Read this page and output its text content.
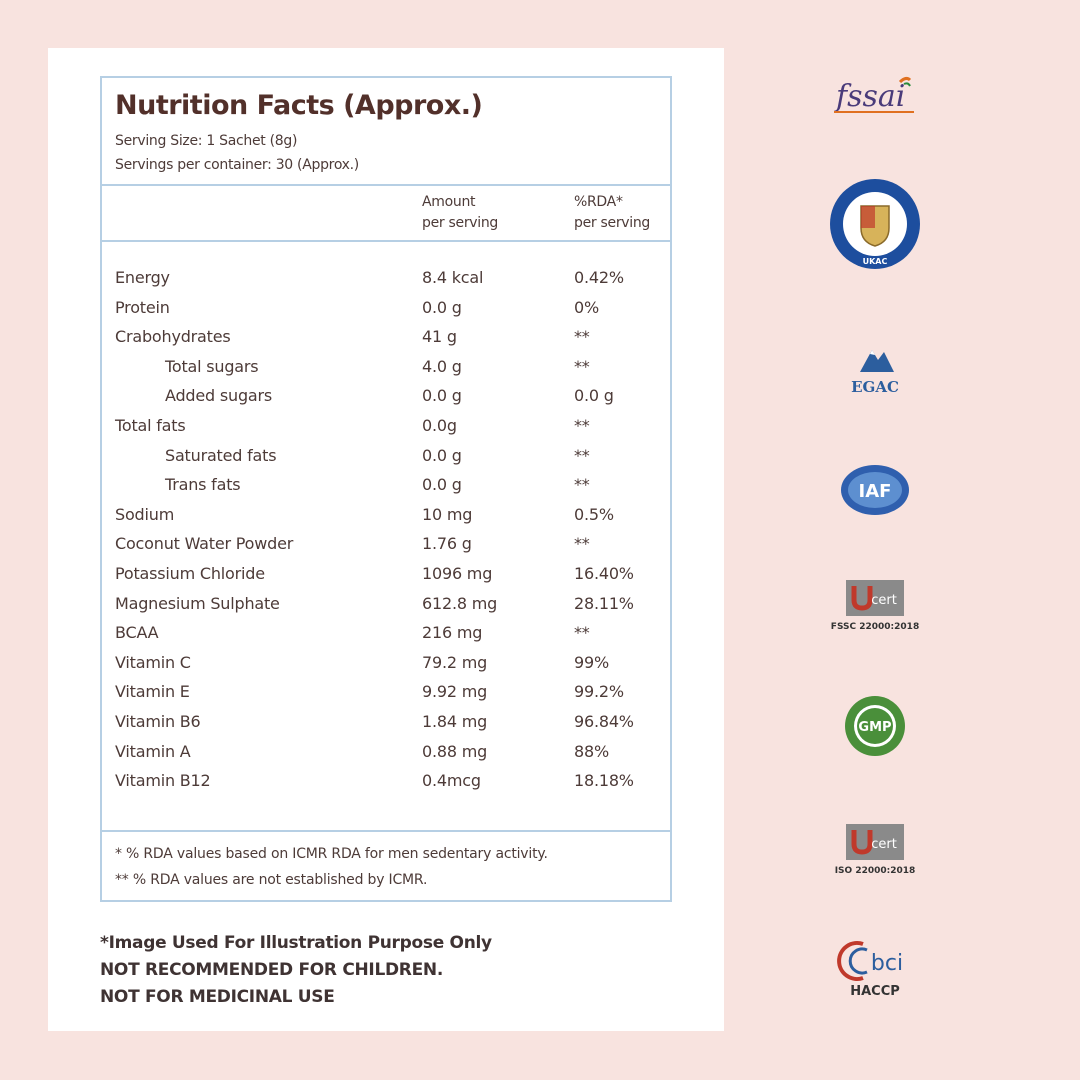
Nutrition Facts (Approx.)
Serving Size: 1 Sachet (8g)
Servings per container: 30 (Approx.)
Amount
per serving
%RDA*
per serving
Energy	8.4 kcal	0.42%
Protein	0.0 g	0%
Crabohydrates	41 g	**
Total sugars	4.0 g	**
Added sugars	0.0 g	0.0 g
Total fats	0.0g	**
Saturated fats	0.0 g	**
Trans fats	0.0 g	**
Sodium	10 mg	0.5%
Coconut Water Powder	1.76 g	**
Potassium Chloride	1096 mg	16.40%
Magnesium Sulphate	612.8 mg	28.11%
BCAA	216 mg	**
Vitamin C	79.2 mg	99%
Vitamin E	9.92 mg	99.2%
Vitamin B6	1.84 mg	96.84%
Vitamin A	0.88 mg	88%
Vitamin B12	0.4mcg	18.18%
* % RDA values based on ICMR RDA for men sedentary activity.
** % RDA values are not established by ICMR.
*Image Used For Illustration Purpose Only
NOT RECOMMENDED FOR CHILDREN.
NOT FOR MEDICINAL USE
fssai
UKAC
EGAC
IAF
cert
FSSC 22000:2018
GMP
cert
ISO 22000:2018
bci
HACCP
